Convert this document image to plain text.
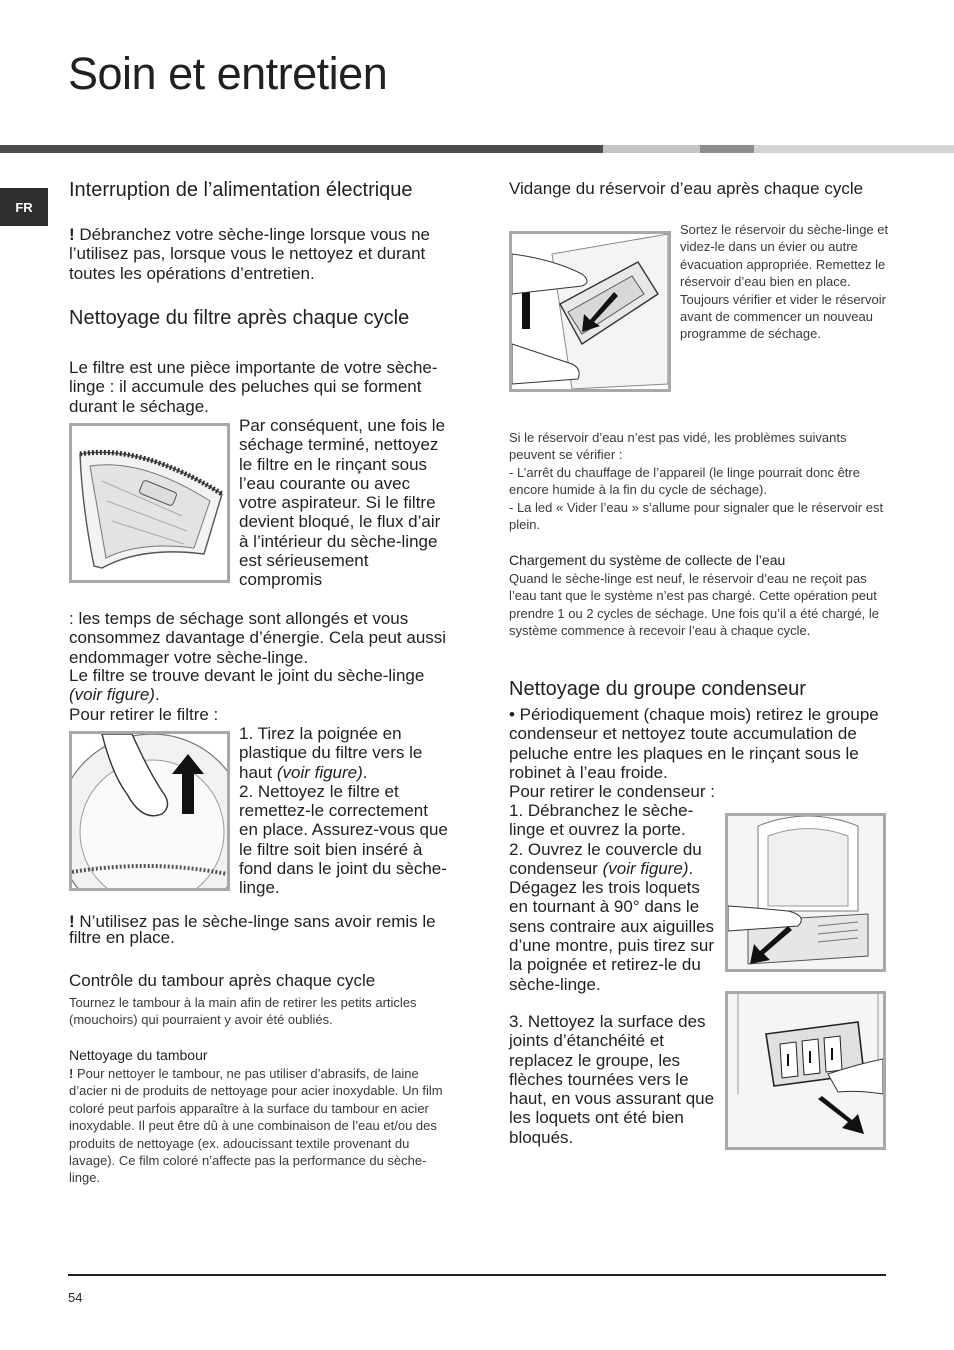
Soin et entretien
FR
Interruption de l’alimentation électrique

! Débranchez votre sèche-linge lorsque vous ne l’utilisez pas, lorsque vous le nettoyez et durant toutes les opérations d’entretien.

Nettoyage du filtre après chaque cycle

Le filtre est une pièce importante de votre sèche-linge : il accumule des peluches qui se forment durant le séchage.

Par conséquent, une fois le séchage terminé, nettoyez le filtre en le rinçant sous l’eau courante ou avec votre aspirateur. Si le filtre devient bloqué, le flux d’air à l’intérieur du sèche-linge est sérieusement compromis

: les temps de séchage sont allongés et vous consommez davantage d’énergie. Cela peut aussi endommager votre sèche-linge.

Le filtre se trouve devant le joint du sèche-linge (voir figure).

Pour retirer le filtre :

1. Tirez la poignée en plastique du filtre vers le haut (voir figure).

2. Nettoyez le filtre et remettez-le correctement en place. Assurez-vous que le filtre soit bien inséré à fond dans le joint du sèche-linge.

! N’utilisez pas le sèche-linge sans avoir remis le filtre en place.

Contrôle du tambour après chaque cycle

Tournez le tambour à la main afin de retirer les petits articles (mouchoirs) qui pourraient y avoir été oubliés.

Nettoyage du tambour

! Pour nettoyer le tambour, ne pas utiliser d’abrasifs, de laine d’acier ni de produits de nettoyage pour acier inoxydable. Un film coloré peut parfois apparaître à la surface du tambour en acier inoxydable. Il peut être dû à une combinaison de l’eau et/ou des produits de nettoyage (ex. adoucissant textile provenant du lavage). Ce film coloré n’affecte pas la performance du sèche-linge.

Vidange du réservoir d’eau après chaque cycle

Sortez le réservoir du sèche-linge et videz-le dans un évier ou autre évacuation appropriée. Remettez le réservoir d’eau bien en place. Toujours vérifier et vider le réservoir avant de commencer un nouveau programme de séchage.

Si le réservoir d’eau n’est pas vidé, les problèmes suivants peuvent se vérifier :

- L’arrêt du chauffage de l’appareil (le linge pourrait donc être encore humide à la fin du cycle de séchage).

- La led « Vider l’eau » s’allume pour signaler que le réservoir est plein.

Chargement du système de collecte de l’eau

Quand le sèche-linge est neuf, le réservoir d’eau ne reçoit pas l’eau tant que le système n’est pas chargé. Cette opération peut prendre 1 ou 2 cycles de séchage. Une fois qu’il a été chargé, le système commence à recevoir l’eau à chaque cycle.

Nettoyage du groupe condenseur

• Périodiquement (chaque mois) retirez le groupe condenseur et nettoyez toute accumulation de peluche entre les plaques en le rinçant sous le robinet à l’eau froide.

Pour retirer le condenseur :

1. Débranchez le sèche-linge et ouvrez la porte.

2. Ouvrez le couvercle du condenseur (voir figure). Dégagez les trois loquets en tournant à 90° dans le sens contraire aux aiguilles d’une montre, puis tirez sur la poignée et retirez-le du sèche-linge.

3. Nettoyez la surface des joints d’étanchéité et replacez le groupe, les flèches tournées vers le haut, en vous assurant que les loquets ont été bien bloqués.

54
